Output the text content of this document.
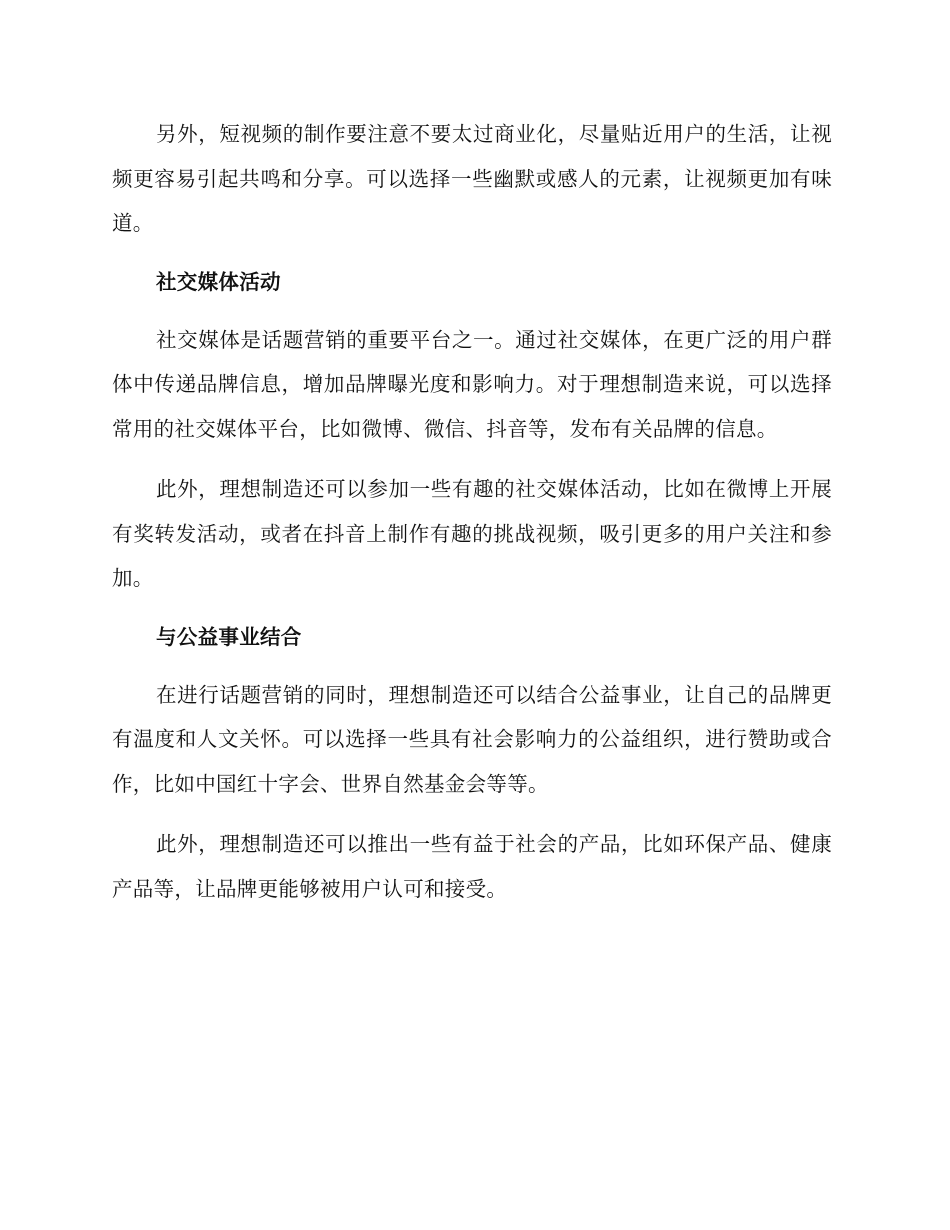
另外，短视频的制作要注意不要太过商业化，尽量贴近用户的生活，让视频更容易引起共鸣和分享。可以选择一些幽默或感人的元素，让视频更加有味道。

社交媒体活动

社交媒体是话题营销的重要平台之一。通过社交媒体，在更广泛的用户群体中传递品牌信息，增加品牌曝光度和影响力。对于理想制造来说，可以选择常用的社交媒体平台，比如微博、微信、抖音等，发布有关品牌的信息。

此外，理想制造还可以参加一些有趣的社交媒体活动，比如在微博上开展有奖转发活动，或者在抖音上制作有趣的挑战视频，吸引更多的用户关注和参加。

与公益事业结合

在进行话题营销的同时，理想制造还可以结合公益事业，让自己的品牌更有温度和人文关怀。可以选择一些具有社会影响力的公益组织，进行赞助或合作，比如中国红十字会、世界自然基金会等等。

此外，理想制造还可以推出一些有益于社会的产品，比如环保产品、健康产品等，让品牌更能够被用户认可和接受。
